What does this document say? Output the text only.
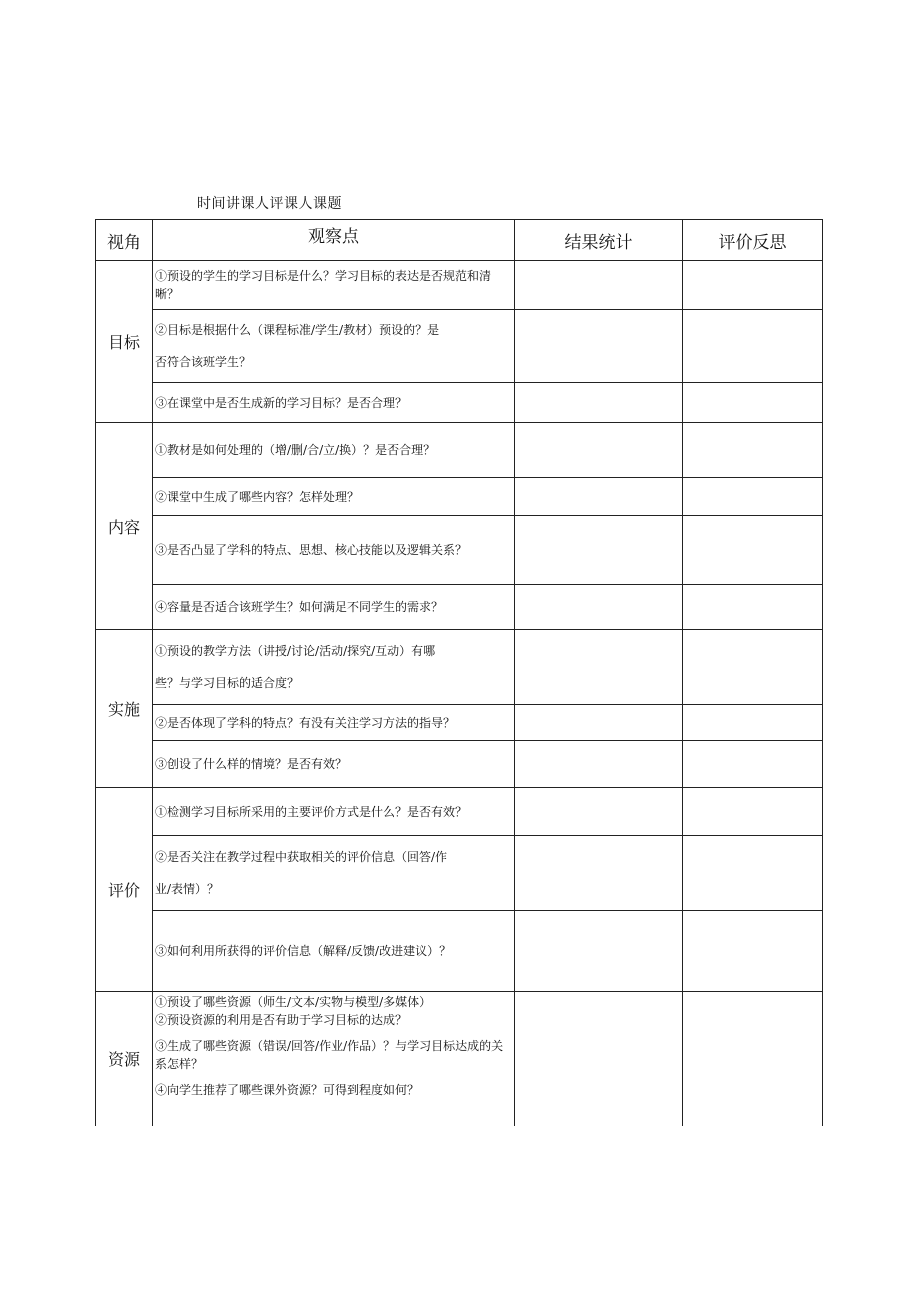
时间讲课人评课人课题
视角	观察点	结果统计	评价反思
目标	①预设的学生的学习目标是什么？学习目标的表达是否规范和清晰？		

	②目标是根据什么（课程标准/学生/教材）预设的？是
否符合该班学生？		

	③在课堂中是否生成新的学习目标？是否合理？		
内容	①教材是如何处理的（增/删/合/立/换）？是否合理？		
	②课堂中生成了哪些内容？怎样处理？		
	③是否凸显了学科的特点、思想、核心技能以及逻辑关系？		
	④容量是否适合该班学生？如何满足不同学生的需求？		
实施	①预设的教学方法（讲授/讨论/活动/探究/互动）有哪
些？与学习目标的适合度？		

	②是否体现了学科的特点？有没有关注学习方法的指导？		
	③创设了什么样的情境？是否有效？		
评价	①检测学习目标所采用的主要评价方式是什么？是否有效？		

	②是否关注在教学过程中获取相关的评价信息（回答/作
业/表情）？		

	③如何利用所获得的评价信息（解释/反馈/改进建议）？		
资源	①预设了哪些资源（师生/文本/实物与模型/多媒体）
②预设资源的利用是否有助于学习目标的达成？
③生成了哪些资源（错误/回答/作业/作品）？与学习目标达成的关系怎样？
④向学生推荐了哪些课外资源？可得到程度如何？		
